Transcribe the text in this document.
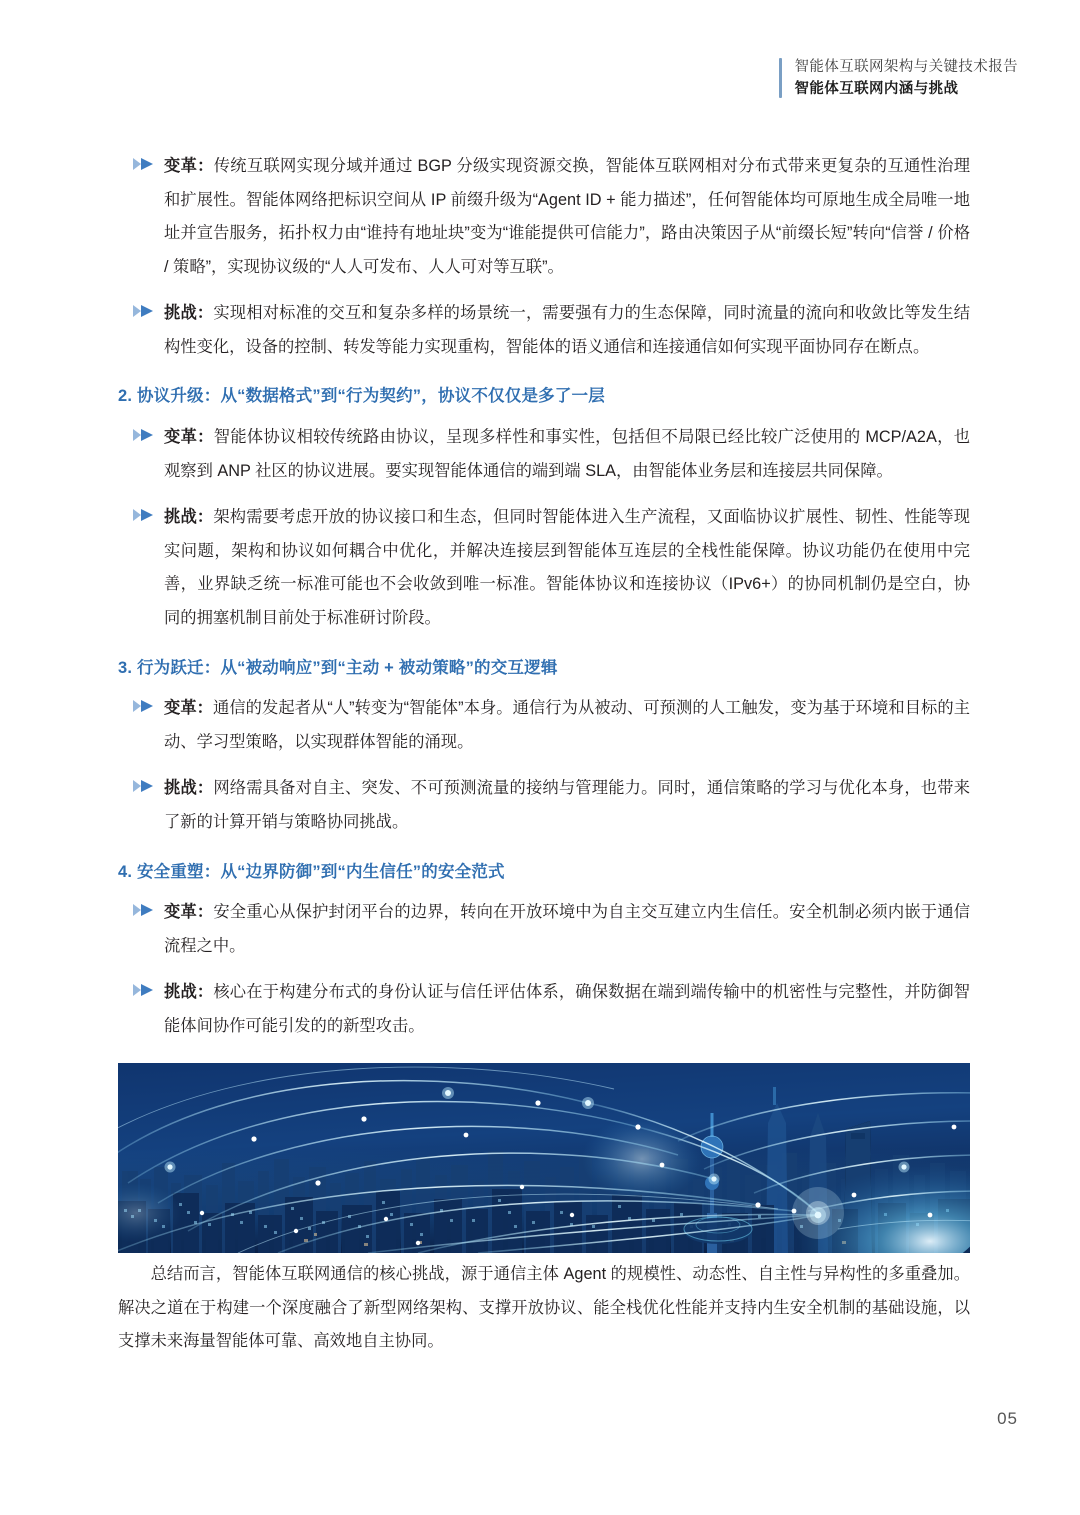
智能体互联网架构与关键技术报告
智能体互联网内涵与挑战
变革：传统互联网实现分域并通过 BGP 分级实现资源交换，智能体互联网相对分布式带来更复杂的互通性治理和扩展性。智能体网络把标识空间从 IP 前缀升级为“Agent ID + 能力描述”，任何智能体均可原地生成全局唯一地址并宣告服务，拓扑权力由“谁持有地址块”变为“谁能提供可信能力”，路由决策因子从“前缀长短”转向“信誉 / 价格 / 策略”，实现协议级的“人人可发布、人人可对等互联”。
挑战：实现相对标准的交互和复杂多样的场景统一，需要强有力的生态保障，同时流量的流向和收敛比等发生结构性变化，设备的控制、转发等能力实现重构，智能体的语义通信和连接通信如何实现平面协同存在断点。
2. 协议升级：从“数据格式”到“行为契约”，协议不仅仅是多了一层
变革：智能体协议相较传统路由协议，呈现多样性和事实性，包括但不局限已经比较广泛使用的 MCP/A2A，也观察到 ANP 社区的协议进展。要实现智能体通信的端到端 SLA，由智能体业务层和连接层共同保障。
挑战：架构需要考虑开放的协议接口和生态，但同时智能体进入生产流程，又面临协议扩展性、韧性、性能等现实问题，架构和协议如何耦合中优化，并解决连接层到智能体互连层的全栈性能保障。协议功能仍在使用中完善，业界缺乏统一标准可能也不会收敛到唯一标准。智能体协议和连接协议（IPv6+）的协同机制仍是空白，协同的拥塞机制目前处于标准研讨阶段。
3. 行为跃迁：从“被动响应”到“主动 + 被动策略”的交互逻辑
变革：通信的发起者从“人”转变为“智能体”本身。通信行为从被动、可预测的人工触发，变为基于环境和目标的主动、学习型策略，以实现群体智能的涌现。
挑战：网络需具备对自主、突发、不可预测流量的接纳与管理能力。同时，通信策略的学习与优化本身，也带来了新的计算开销与策略协同挑战。
4. 安全重塑：从“边界防御”到“内生信任”的安全范式
变革：安全重心从保护封闭平台的边界，转向在开放环境中为自主交互建立内生信任。安全机制必须内嵌于通信流程之中。
挑战：核心在于构建分布式的身份认证与信任评估体系，确保数据在端到端传输中的机密性与完整性，并防御智能体间协作可能引发的的新型攻击。

总结而言，智能体互联网通信的核心挑战，源于通信主体 Agent 的规模性、动态性、自主性与异构性的多重叠加。解决之道在于构建一个深度融合了新型网络架构、支撑开放协议、能全栈优化性能并支持内生安全机制的基础设施，以支撑未来海量智能体可靠、高效地自主协同。

05
